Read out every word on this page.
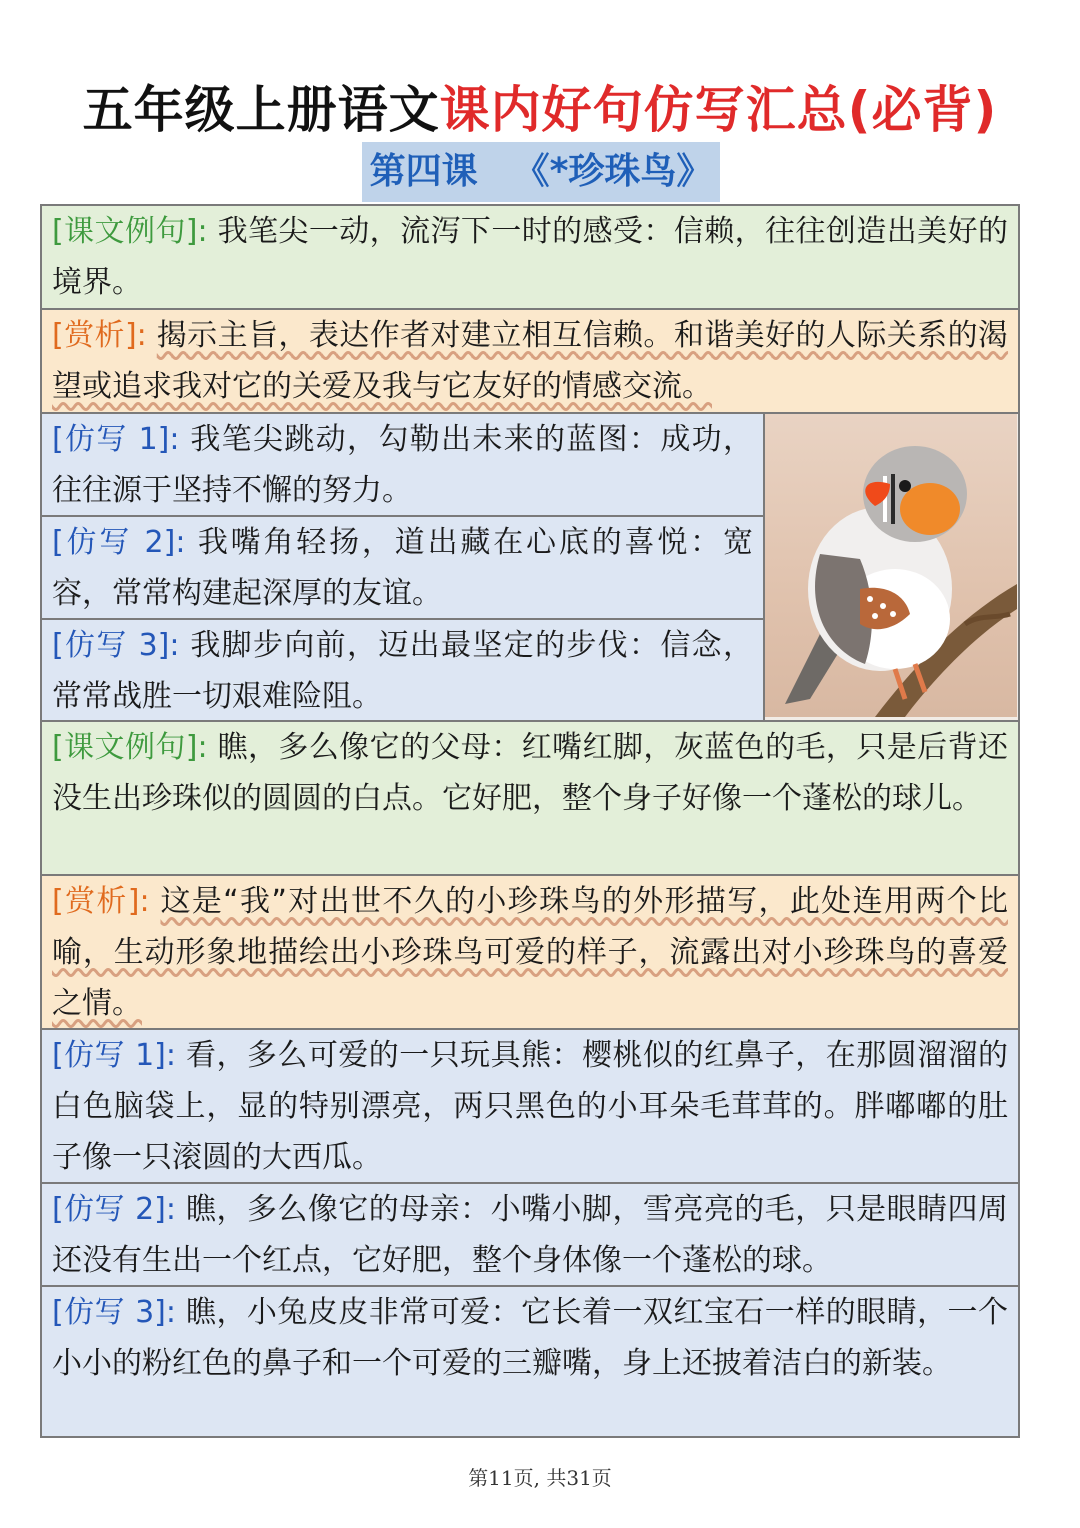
五年级上册语文课内好句仿写汇总(必背)
第四课 《*珍珠鸟》
[课文例句]: 我笔尖一动，流泻下一时的感受：信赖，往往创造出美好的境界。
[赏析]: 揭示主旨，表达作者对建立相互信赖。和谐美好的人际关系的渴望或追求我对它的关爱及我与它友好的情感交流。
[仿写 1]: 我笔尖跳动，勾勒出未来的蓝图：成功，往往源于坚持不懈的努力。
[仿写 2]: 我嘴角轻扬，道出藏在心底的喜悦：宽容，常常构建起深厚的友谊。
[仿写 3]: 我脚步向前，迈出最坚定的步伐：信念，常常战胜一切艰难险阻。
[课文例句]: 瞧，多么像它的父母：红嘴红脚，灰蓝色的毛，只是后背还没生出珍珠似的圆圆的白点。它好肥，整个身子好像一个蓬松的球儿。
[赏析]: 这是“我”对出世不久的小珍珠鸟的外形描写，此处连用两个比喻，生动形象地描绘出小珍珠鸟可爱的样子，流露出对小珍珠鸟的喜爱之情。
[仿写 1]: 看，多么可爱的一只玩具熊：樱桃似的红鼻子，在那圆溜溜的白色脑袋上，显的特别漂亮，两只黑色的小耳朵毛茸茸的。胖嘟嘟的肚子像一只滚圆的大西瓜。
[仿写 2]: 瞧，多么像它的母亲：小嘴小脚，雪亮亮的毛，只是眼睛四周还没有生出一个红点，它好肥，整个身体像一个蓬松的球。
[仿写 3]: 瞧，小兔皮皮非常可爱：它长着一双红宝石一样的眼睛，一个小小的粉红色的鼻子和一个可爱的三瓣嘴，身上还披着洁白的新装。
第11页, 共31页
